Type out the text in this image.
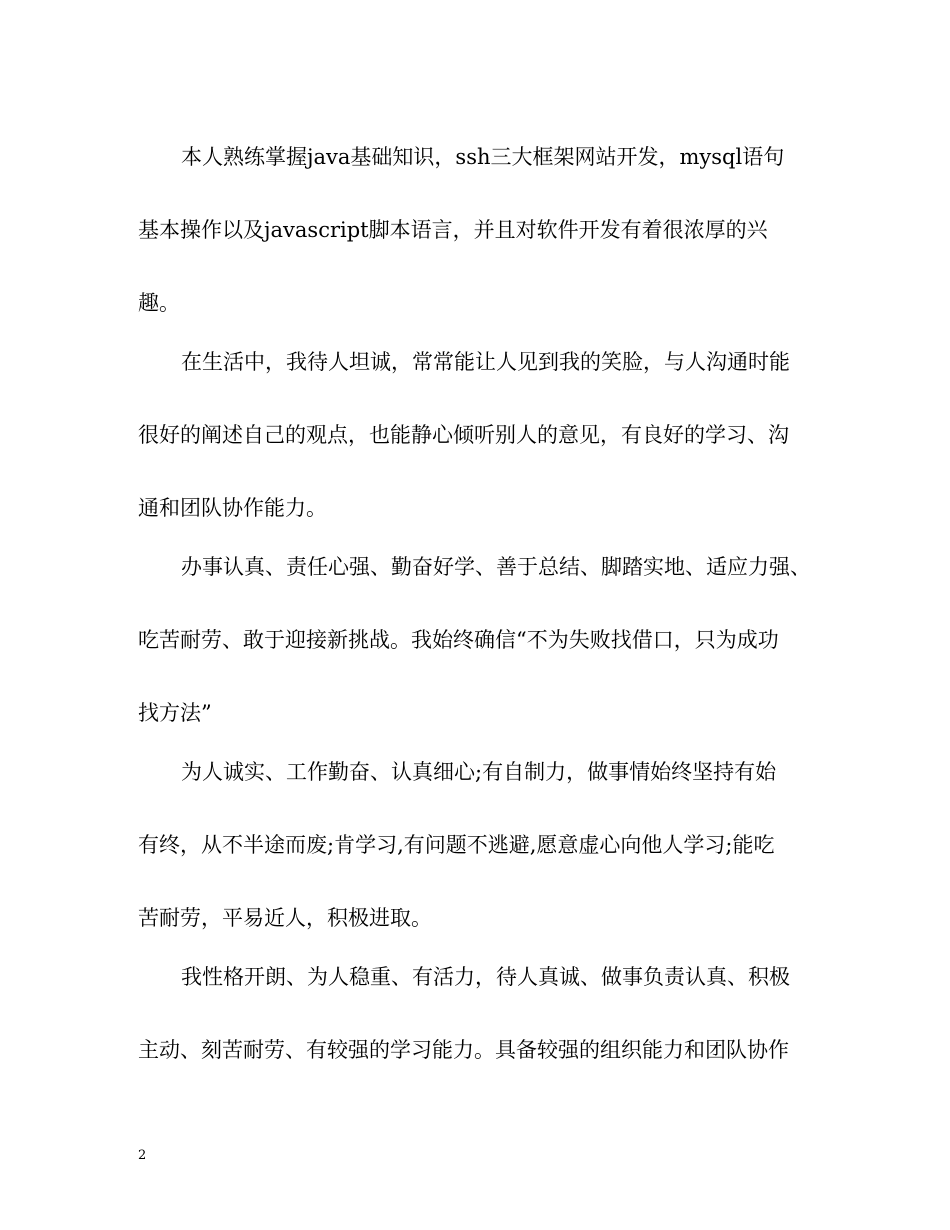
本人熟练掌握java基础知识，ssh三大框架网站开发，mysql语句
基本操作以及javascript脚本语言，并且对软件开发有着很浓厚的兴
趣。
在生活中，我待人坦诚，常常能让人见到我的笑脸，与人沟通时能
很好的阐述自己的观点，也能静心倾听别人的意见，有良好的学习、沟
通和团队协作能力。
办事认真、责任心强、勤奋好学、善于总结、脚踏实地、适应力强、
吃苦耐劳、敢于迎接新挑战。我始终确信“不为失败找借口，只为成功
找方法”
为人诚实、工作勤奋、认真细心;有自制力，做事情始终坚持有始
有终，从不半途而废;肯学习,有问题不逃避,愿意虚心向他人学习;能吃
苦耐劳，平易近人，积极进取。
我性格开朗、为人稳重、有活力，待人真诚、做事负责认真、积极
主动、刻苦耐劳、有较强的学习能力。具备较强的组织能力和团队协作
2
